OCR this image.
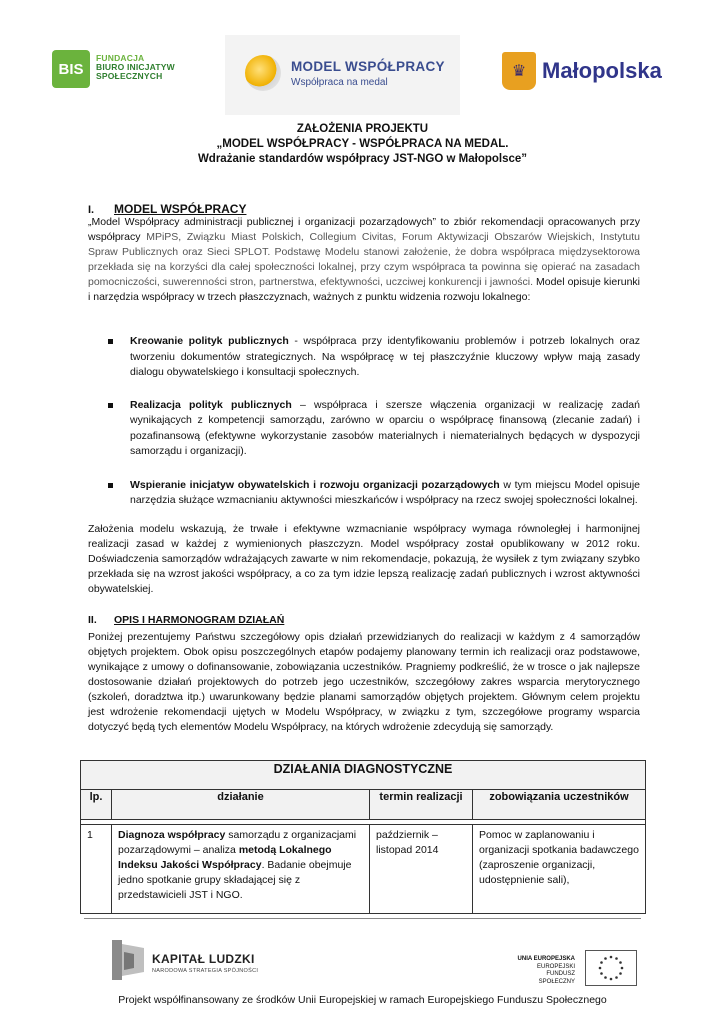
BIS
FUNDACJA
BIURO INICJATYW
SPOŁECZNYCH
MODEL WSPÓŁPRACY
Współpraca na medal
♛ Małopolska
ZAŁOŻENIA PROJEKTU
„MODEL WSPÓŁPRACY - WSPÓŁPRACA NA MEDAL.
Wdrażanie standardów współpracy JST-NGO w Małopolsce”
I. MODEL WSPÓŁPRACY
„Model Współpracy administracji publicznej i organizacji pozarządowych” to zbiór rekomendacji opracowanych przy współpracy MPiPS, Związku Miast Polskich, Collegium Civitas, Forum Aktywizacji Obszarów Wiejskich, Instytutu Spraw Publicznych oraz Sieci SPLOT. Podstawę Modelu stanowi założenie, że dobra współpraca międzysektorowa przekłada się na korzyści dla całej społeczności lokalnej, przy czym współpraca ta powinna się opierać na zasadach pomocniczości, suwerenności stron, partnerstwa, efektywności, uczciwej konkurencji i jawności. Model opisuje kierunki i narzędzia współpracy w trzech płaszczyznach, ważnych z punktu widzenia rozwoju lokalnego:
Kreowanie polityk publicznych - współpraca przy identyfikowaniu problemów i potrzeb lokalnych oraz tworzeniu dokumentów strategicznych. Na współpracę w tej płaszczyźnie kluczowy wpływ mają zasady dialogu obywatelskiego i konsultacji społecznych.
Realizacja polityk publicznych – współpraca i szersze włączenia organizacji w realizację zadań wynikających z kompetencji samorządu, zarówno w oparciu o współpracę finansową (zlecanie zadań) i pozafinansową (efektywne wykorzystanie zasobów materialnych i niematerialnych będących w dyspozycji samorządu i organizacji).
Wspieranie inicjatyw obywatelskich i rozwoju organizacji pozarządowych w tym miejscu Model opisuje narzędzia służące wzmacnianiu aktywności mieszkańców i współpracy na rzecz swojej społeczności lokalnej.
Założenia modelu wskazują, że trwałe i efektywne wzmacnianie współpracy wymaga równoległej i harmonijnej realizacji zasad w każdej z wymienionych płaszczyzn. Model współpracy został opublikowany w 2012 roku. Doświadczenia samorządów wdrażających zawarte w nim rekomendacje, pokazują, że wysiłek z tym związany szybko przekłada się na wzrost jakości współpracy, a co za tym idzie lepszą realizację zadań publicznych i wzrost aktywności obywatelskiej.
II. OPIS I HARMONOGRAM DZIAŁAŃ
Poniżej prezentujemy Państwu szczegółowy opis działań przewidzianych do realizacji w każdym z 4 samorządów objętych projektem. Obok opisu poszczególnych etapów podajemy planowany termin ich realizacji oraz podstawowe, wynikające z umowy o dofinansowanie, zobowiązania uczestników. Pragniemy podkreślić, że w trosce o jak najlepsze dostosowanie działań projektowych do potrzeb jego uczestników, szczegółowy zakres wsparcia merytorycznego (szkoleń, doradztwa itp.) uwarunkowany będzie planami samorządów objętych projektem. Głównym celem projektu jest wdrożenie rekomendacji ujętych w Modelu Współpracy, w związku z tym, szczegółowe programy wsparcia dotyczyć będą tych elementów Modelu Współpracy, na których wdrożenie zdecydują się samorządy.
DZIAŁANIA DIAGNOSTYCZNE			
lp.	działanie	termin realizacji	zobowiązania uczestników

1	Diagnoza współpracy samorządu z organizacjami pozarządowymi – analiza metodą Lokalnego Indeksu Jakości Współpracy. Badanie obejmuje jedno spotkanie grupy składającej się z przedstawicieli JST i NGO.	październik – listopad 2014	Pomoc w zaplanowaniu i organizacji spotkania badawczego (zaproszenie organizacji, udostępnienie sali),
KAPITAŁ LUDZKI
NARODOWA STRATEGIA SPÓJNOŚCI
UNIA EUROPEJSKA
EUROPEJSKI
FUNDUSZ SPOŁECZNY
Projekt współfinansowany ze środków Unii Europejskiej w ramach Europejskiego Funduszu Społecznego
